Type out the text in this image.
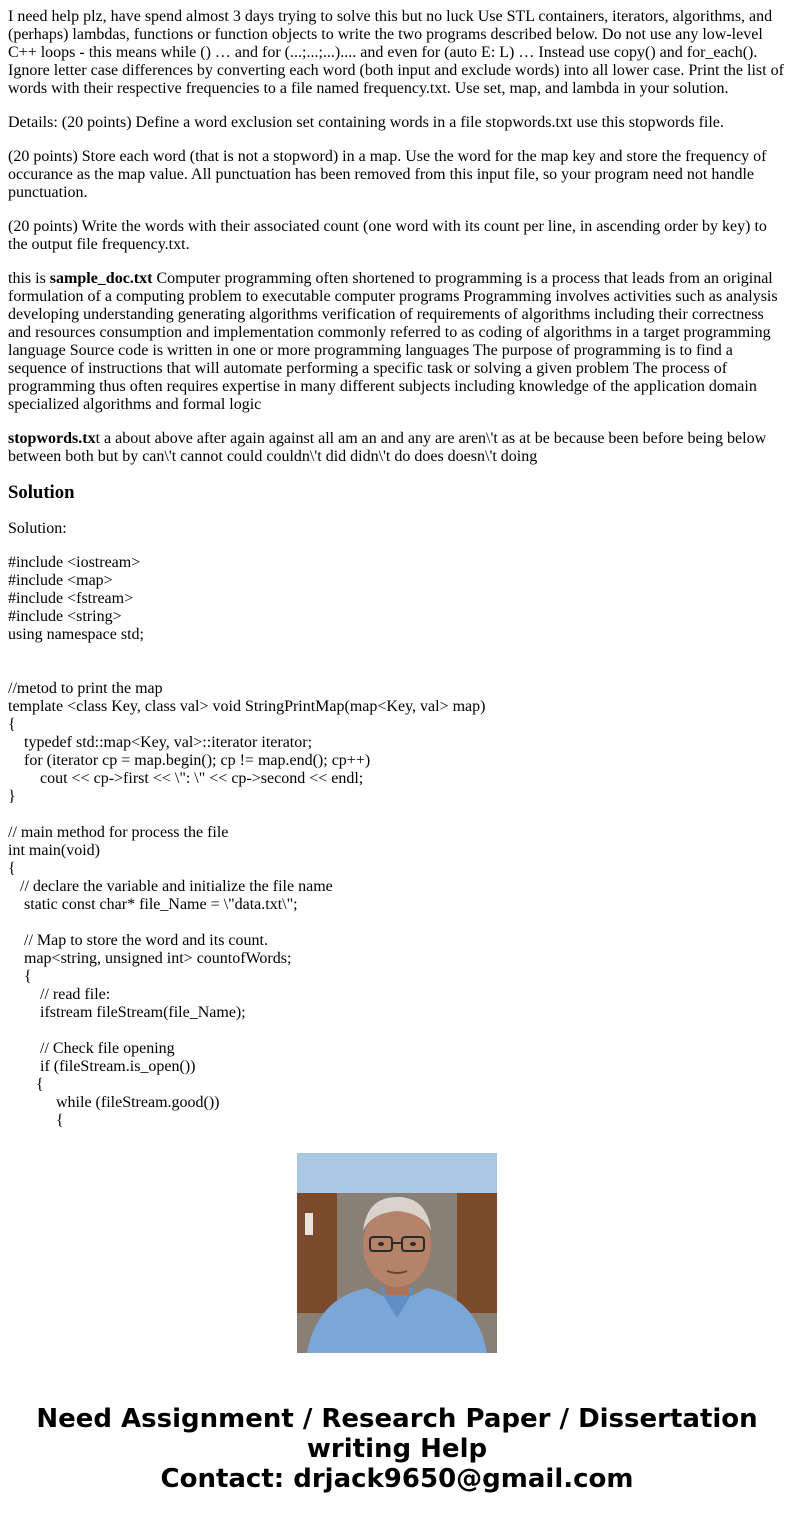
I need help plz, have spend almost 3 days trying to solve this but no luck Use STL containers, iterators, algorithms, and (perhaps) lambdas, functions or function objects to write the two programs described below. Do not use any low-level C++ loops - this means while () … and for (...;...;...).... and even for (auto E: L) … Instead use copy() and for_each(). Ignore letter case differences by converting each word (both input and exclude words) into all lower case. Print the list of words with their respective frequencies to a file named frequency.txt. Use set, map, and lambda in your solution.

Details: (20 points) Define a word exclusion set containing words in a file stopwords.txt use this stopwords file.

(20 points) Store each word (that is not a stopword) in a map. Use the word for the map key and store the frequency of occurance as the map value. All punctuation has been removed from this input file, so your program need not handle punctuation.

(20 points) Write the words with their associated count (one word with its count per line, in ascending order by key) to the output file frequency.txt.

this is sample_doc.txt Computer programming often shortened to programming is a process that leads from an original formulation of a computing problem to executable computer programs Programming involves activities such as analysis developing understanding generating algorithms verification of requirements of algorithms including their correctness and resources consumption and implementation commonly referred to as coding of algorithms in a target programming language Source code is written in one or more programming languages The purpose of programming is to find a sequence of instructions that will automate performing a specific task or solving a given problem The process of programming thus often requires expertise in many different subjects including knowledge of the application domain specialized algorithms and formal logic

stopwords.txt a about above after again against all am an and any are aren\'t as at be because been before being below between both but by can\'t cannot could couldn\'t did didn\'t do does doesn\'t doing

Solution

Solution:

#include <iostream>
#include <map>
#include <fstream>
#include <string>
using namespace std;

//metod to print the map
template <class Key, class val> void StringPrintMap(map<Key, val> map)
{
typedef std::map<Key, val>::iterator iterator;
for (iterator cp = map.begin(); cp != map.end(); cp++)
cout << cp->first << \": \" << cp->second << endl;
}

// main method for process the file
int main(void)
{
// declare the variable and initialize the file name
static const char* file_Name = \"data.txt\";

// Map to store the word and its count.
map<string, unsigned int> countofWords;
{
// read file:
ifstream fileStream(file_Name);

// Check file opening
if (fileStream.is_open())
{
while (fileStream.good())
{
Need Assignment / Research Paper / Dissertation
writing Help
Contact: drjack9650@gmail.com
